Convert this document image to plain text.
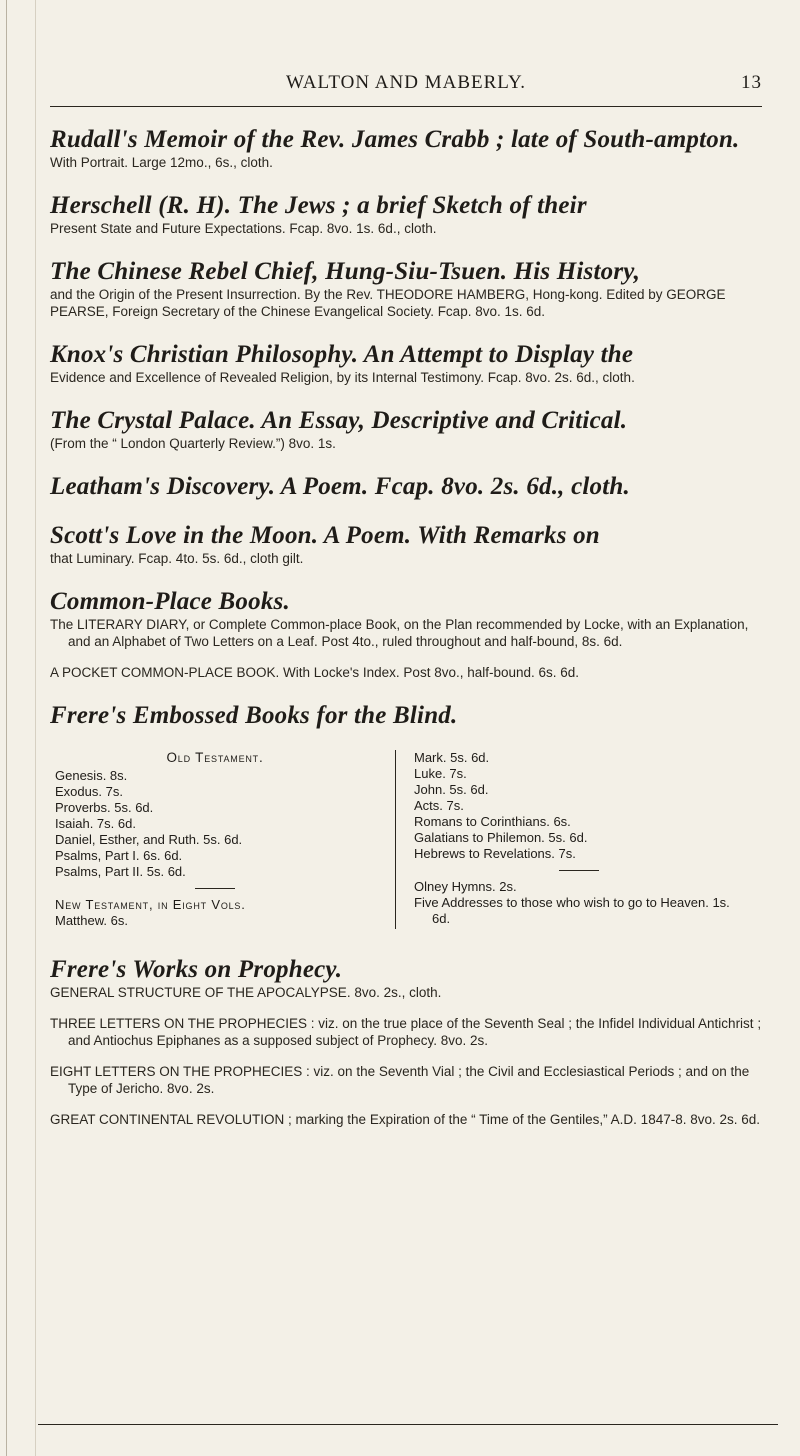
WALTON AND MABERLY.	13
Rudall's Memoir of the Rev. James Crabb ; late of South-ampton.
With Portrait. Large 12mo., 6s., cloth.
Herschell (R. H). The Jews ; a brief Sketch of their
Present State and Future Expectations. Fcap. 8vo. 1s. 6d., cloth.
The Chinese Rebel Chief, Hung-Siu-Tsuen. His History,
and the Origin of the Present Insurrection. By the Rev. THEODORE HAMBERG, Hong-kong. Edited by GEORGE PEARSE, Foreign Secretary of the Chinese Evangelical Society. Fcap. 8vo. 1s. 6d.
Knox's Christian Philosophy. An Attempt to Display the
Evidence and Excellence of Revealed Religion, by its Internal Testimony. Fcap. 8vo. 2s. 6d., cloth.
The Crystal Palace. An Essay, Descriptive and Critical.
(From the “ London Quarterly Review.”) 8vo. 1s.
Leatham's Discovery. A Poem. Fcap. 8vo. 2s. 6d., cloth.
Scott's Love in the Moon. A Poem. With Remarks on
that Luminary. Fcap. 4to. 5s. 6d., cloth gilt.
Common-Place Books.
The LITERARY DIARY, or Complete Common-place Book, on the Plan recommended by Locke, with an Explanation, and an Alphabet of Two Letters on a Leaf. Post 4to., ruled throughout and half-bound, 8s. 6d.
A POCKET COMMON-PLACE BOOK. With Locke's Index. Post 8vo., half-bound. 6s. 6d.
Frere's Embossed Books for the Blind.
Old Testament.
Genesis. 8s.
Exodus. 7s.
Proverbs. 5s. 6d.
Isaiah. 7s. 6d.
Daniel, Esther, and Ruth. 5s. 6d.
Psalms, Part I. 6s. 6d.
Psalms, Part II. 5s. 6d.
New Testament, in Eight Vols.
Matthew. 6s.
Mark. 5s. 6d.
Luke. 7s.
John. 5s. 6d.
Acts. 7s.
Romans to Corinthians. 6s.
Galatians to Philemon. 5s. 6d.
Hebrews to Revelations. 7s.
Olney Hymns. 2s.
Five Addresses to those who wish to go to Heaven. 1s. 6d.
Frere's Works on Prophecy.
GENERAL STRUCTURE OF THE APOCALYPSE. 8vo. 2s., cloth.
THREE LETTERS ON THE PROPHECIES : viz. on the true place of the Seventh Seal ; the Infidel Individual Antichrist ; and Antiochus Epiphanes as a supposed subject of Prophecy. 8vo. 2s.
EIGHT LETTERS ON THE PROPHECIES : viz. on the Seventh Vial ; the Civil and Ecclesiastical Periods ; and on the Type of Jericho. 8vo. 2s.
GREAT CONTINENTAL REVOLUTION ; marking the Expiration of the “ Time of the Gentiles,” A.D. 1847-8. 8vo. 2s. 6d.
